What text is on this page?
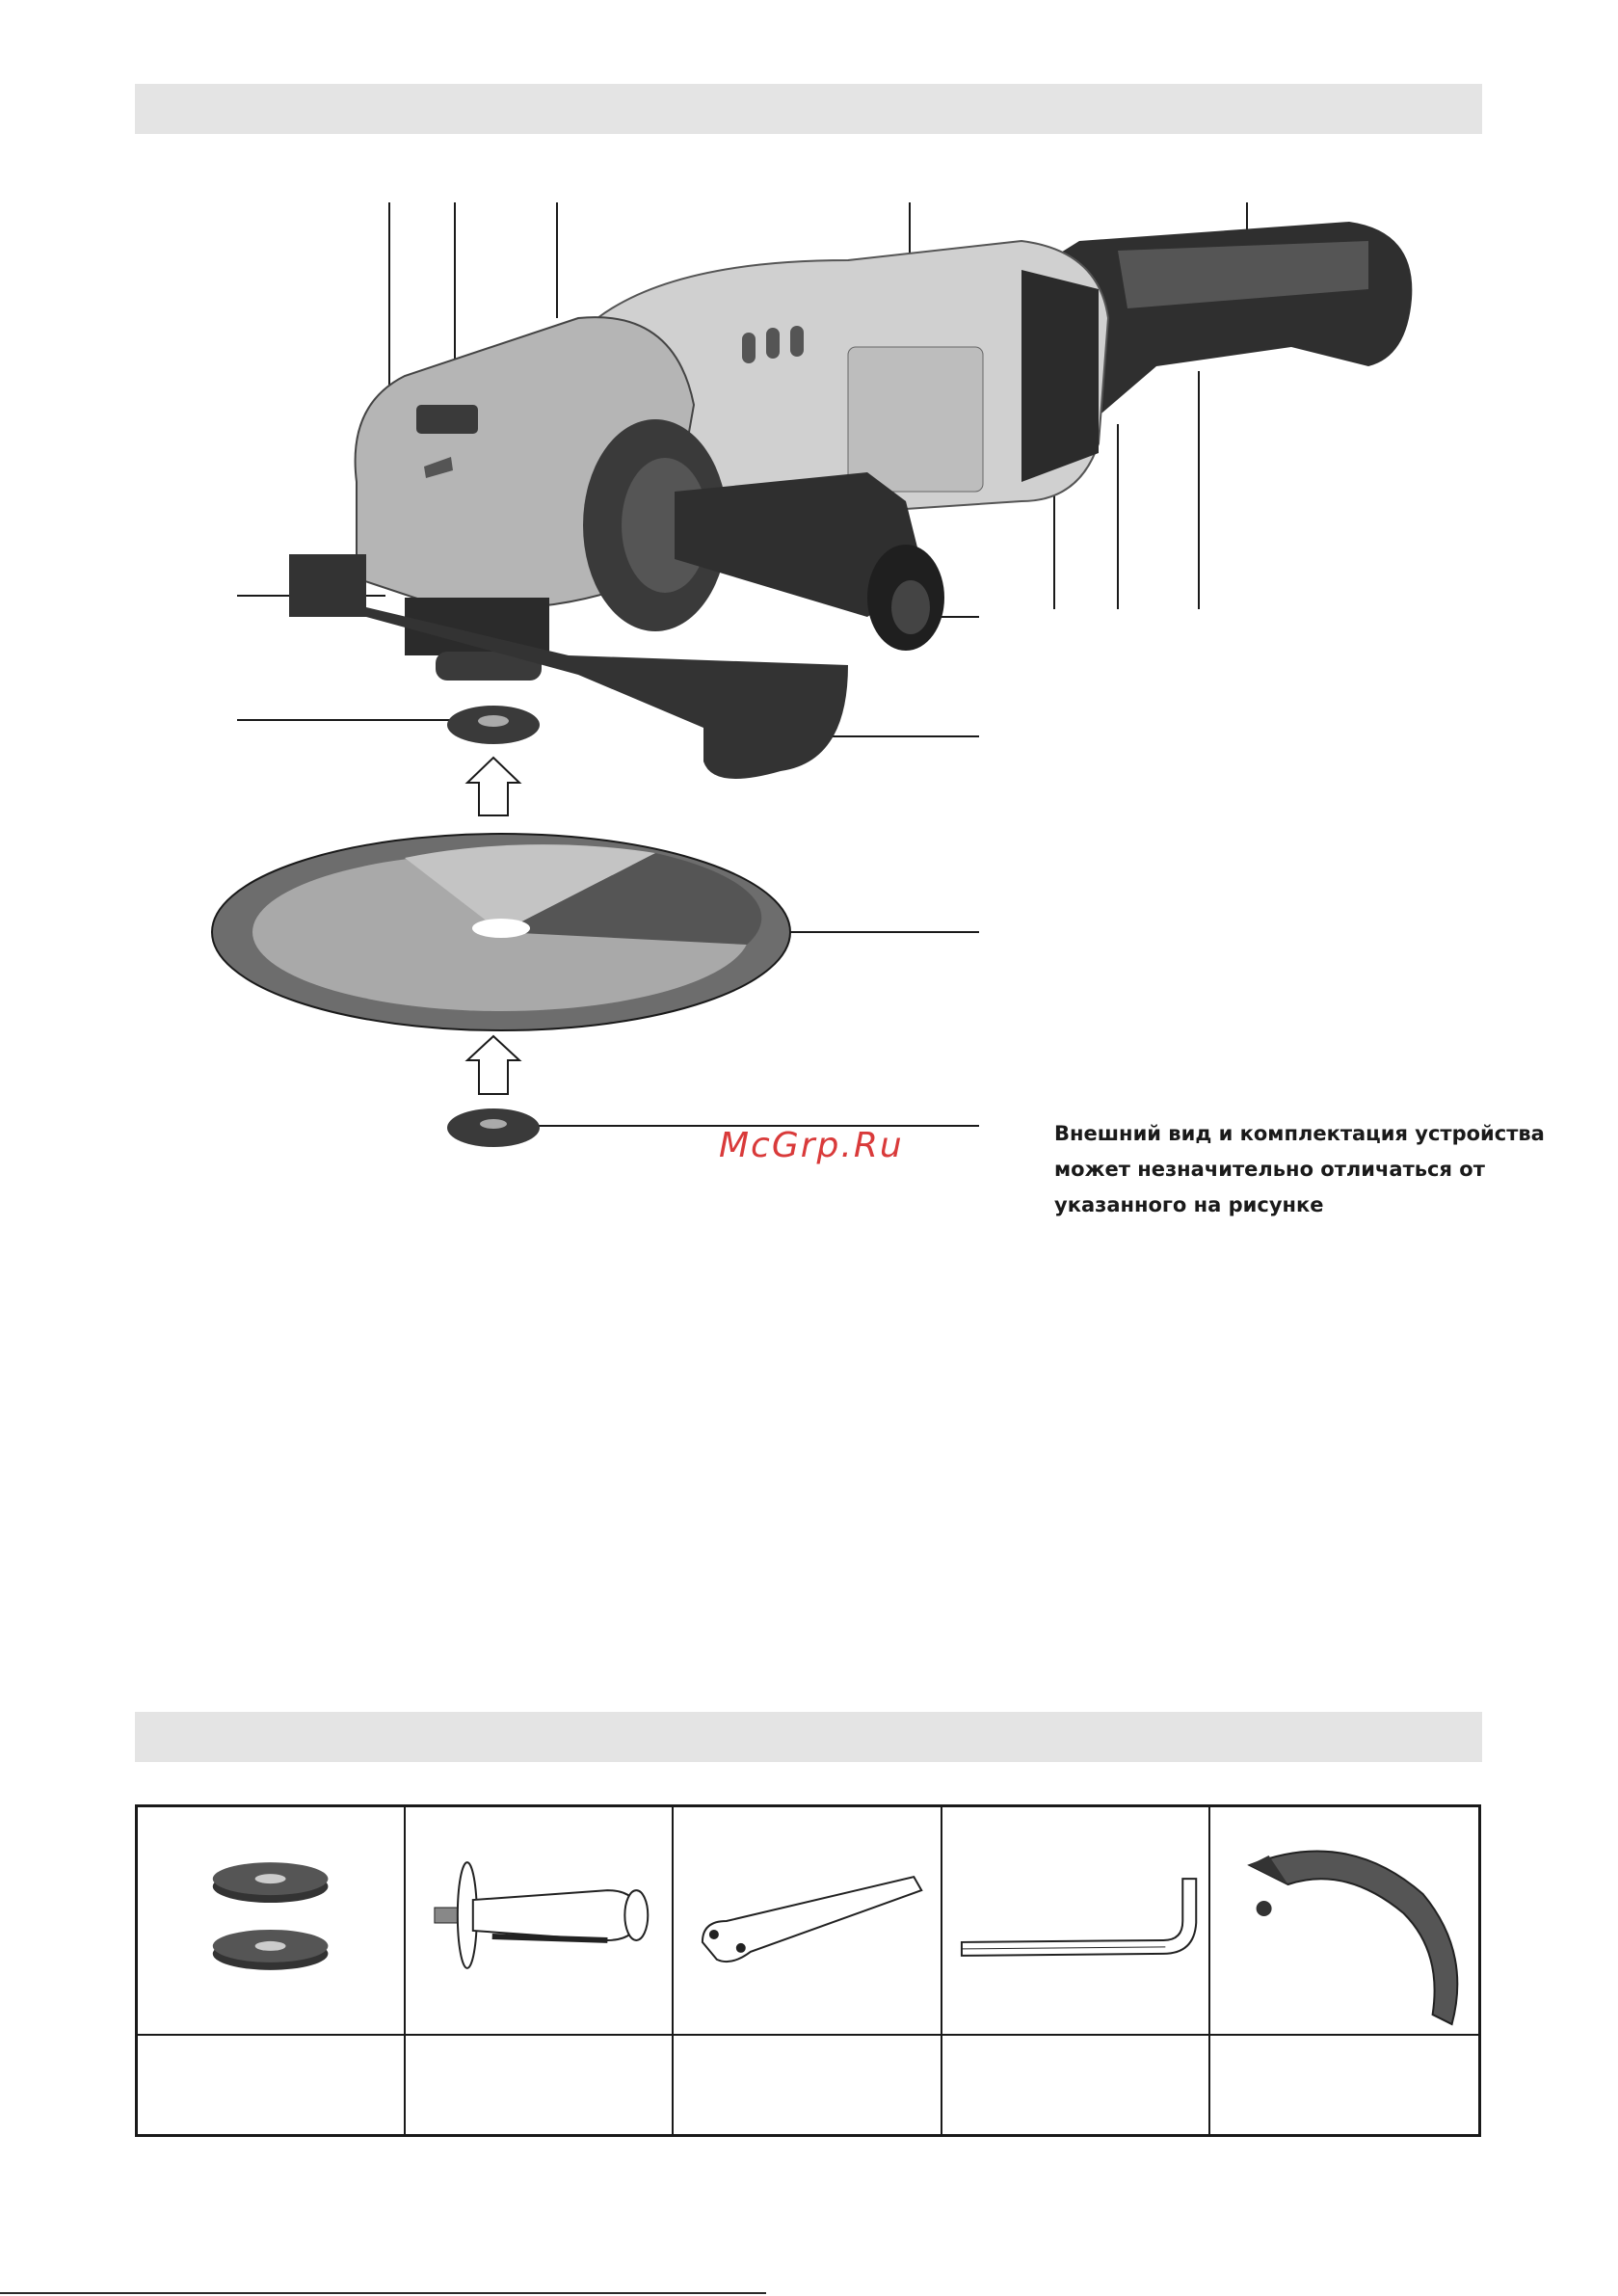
McGrp.Ru	Внешний вид и комплектация устройства
может незначительно отличаться от
указанного на рисунке
